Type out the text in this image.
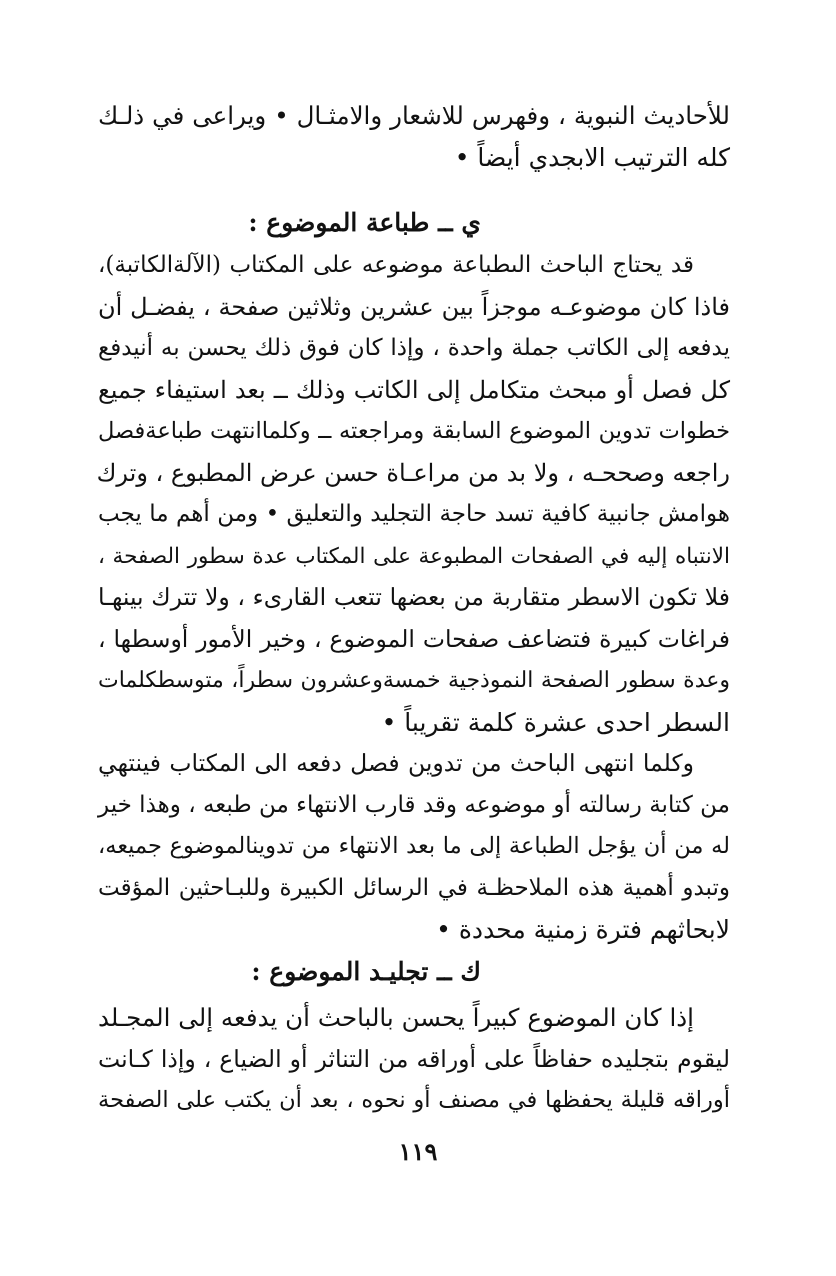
للأحاديث النبوية ، وفهرس للاشعار والامثـال • ويراعى في ذلـك
كله الترتيب الابجدي أيضاً •
ي ــ طباعة الموضوع :
قد يحتاج الباحث الىطباعة موضوعه على المكتاب (الآلةالكاتبة)،
فاذا كان موضوعـه موجزاً بين عشرين وثلاثين صفحة ، يفضـل أن
يدفعه إلى الكاتب جملة واحدة ، وإذا كان فوق ذلك يحسن به أنيدفع
كل فصل أو مبحث متكامل إلى الكاتب وذلك ــ بعد استيفاء جميع
خطوات تدوين الموضوع السابقة ومراجعته ــ وكلماانتهت طباعةفصل
راجعه وصححـه ، ولا بد من مراعـاة حسن عرض المطبوع ، وترك
هوامش جانبية كافية تسد حاجة التجليد والتعليق • ومن أهم ما يجب
الانتباه إليه في الصفحات المطبوعة على المكتاب عدة سطور الصفحة ،
فلا تكون الاسطر متقاربة من بعضها تتعب القارىء ، ولا تترك بينهـا
فراغات كبيرة فتضاعف صفحات الموضوع ، وخير الأمور أوسطها ،
وعدة سطور الصفحة النموذجية خمسةوعشرون سطراً، متوسطكلمات
السطر احدى عشرة كلمة تقريباً •
وكلما انتهى الباحث من تدوين فصل دفعه الى المكتاب فينتهي
من كتابة رسالته أو موضوعه وقد قارب الانتهاء من طبعه ، وهذا خير
له من أن يؤجل الطباعة إلى ما بعد الانتهاء من تدوينالموضوع جميعه،
وتبدو أهمية هذه الملاحظـة في الرسائل الكبيرة وللبـاحثين المؤقت
لابحاثهم فترة زمنية محددة •
ك ــ تجليـد الموضوع :
إذا كان الموضوع كبيراً يحسن بالباحث أن يدفعه إلى المجـلد
ليقوم بتجليده حفاظاً على أوراقه من التناثر أو الضياع ، وإذا كـانت
أوراقه قليلة يحفظها في مصنف أو نحوه ، بعد أن يكتب على الصفحة
١١٩
